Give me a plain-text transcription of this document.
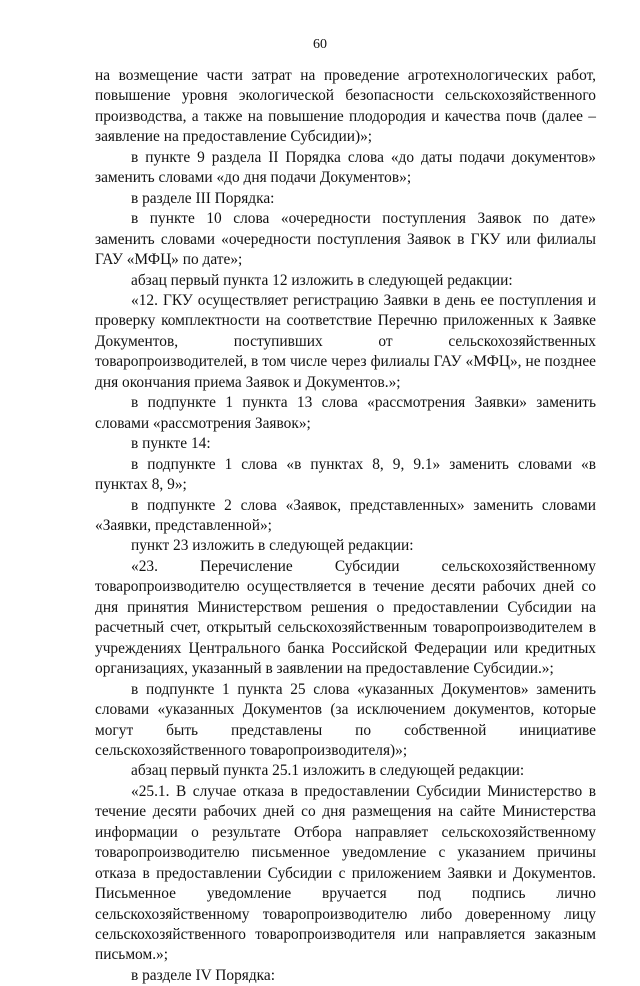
60

на возмещение части затрат на проведение агротехнологических работ, повышение уровня экологической безопасности сельскохозяйственного производства, а также на повышение плодородия и качества почв (далее – заявление на предоставление Субсидии)»;

в пункте 9 раздела II Порядка слова «до даты подачи документов» заменить словами «до дня подачи Документов»;

в разделе III Порядка:

в пункте 10 слова «очередности поступления Заявок по дате» заменить словами «очередности поступления Заявок в ГКУ или филиалы ГАУ «МФЦ» по дате»;

абзац первый пункта 12 изложить в следующей редакции:

«12. ГКУ осуществляет регистрацию Заявки в день ее поступления и проверку комплектности на соответствие Перечню приложенных к Заявке Документов, поступивших от сельскохозяйственных товаропроизводителей, в том числе через филиалы ГАУ «МФЦ», не позднее дня окончания приема Заявок и Документов.»;

в подпункте 1 пункта 13 слова «рассмотрения Заявки» заменить словами «рассмотрения Заявок»;

в пункте 14:

в подпункте 1 слова «в пунктах 8, 9, 9.1» заменить словами «в пунктах 8, 9»;

в подпункте 2 слова «Заявок, представленных» заменить словами «Заявки, представленной»;

пункт 23 изложить в следующей редакции:

«23. Перечисление Субсидии сельскохозяйственному

товаропроизводителю осуществляется в течение десяти рабочих дней со дня принятия Министерством решения о предоставлении Субсидии на расчетный счет, открытый сельскохозяйственным товаропроизводителем в учреждениях Центрального банка Российской Федерации или кредитных организациях, указанный в заявлении на предоставление Субсидии.»;

в подпункте 1 пункта 25 слова «указанных Документов» заменить словами «указанных Документов (за исключением документов, которые могут быть представлены по собственной инициативе сельскохозяйственного товаропроизводителя)»;

абзац первый пункта 25.1 изложить в следующей редакции:

«25.1. В случае отказа в предоставлении Субсидии Министерство в течение десяти рабочих дней со дня размещения на сайте Министерства информации о результате Отбора направляет сельскохозяйственному товаропроизводителю письменное уведомление с указанием причины отказа в предоставлении Субсидии с приложением Заявки и Документов. Письменное уведомление вручается под подпись лично сельскохозяйственному товаропроизводителю либо доверенному лицу сельскохозяйственного товаропроизводителя или направляется заказным письмом.»;

в разделе IV Порядка:
